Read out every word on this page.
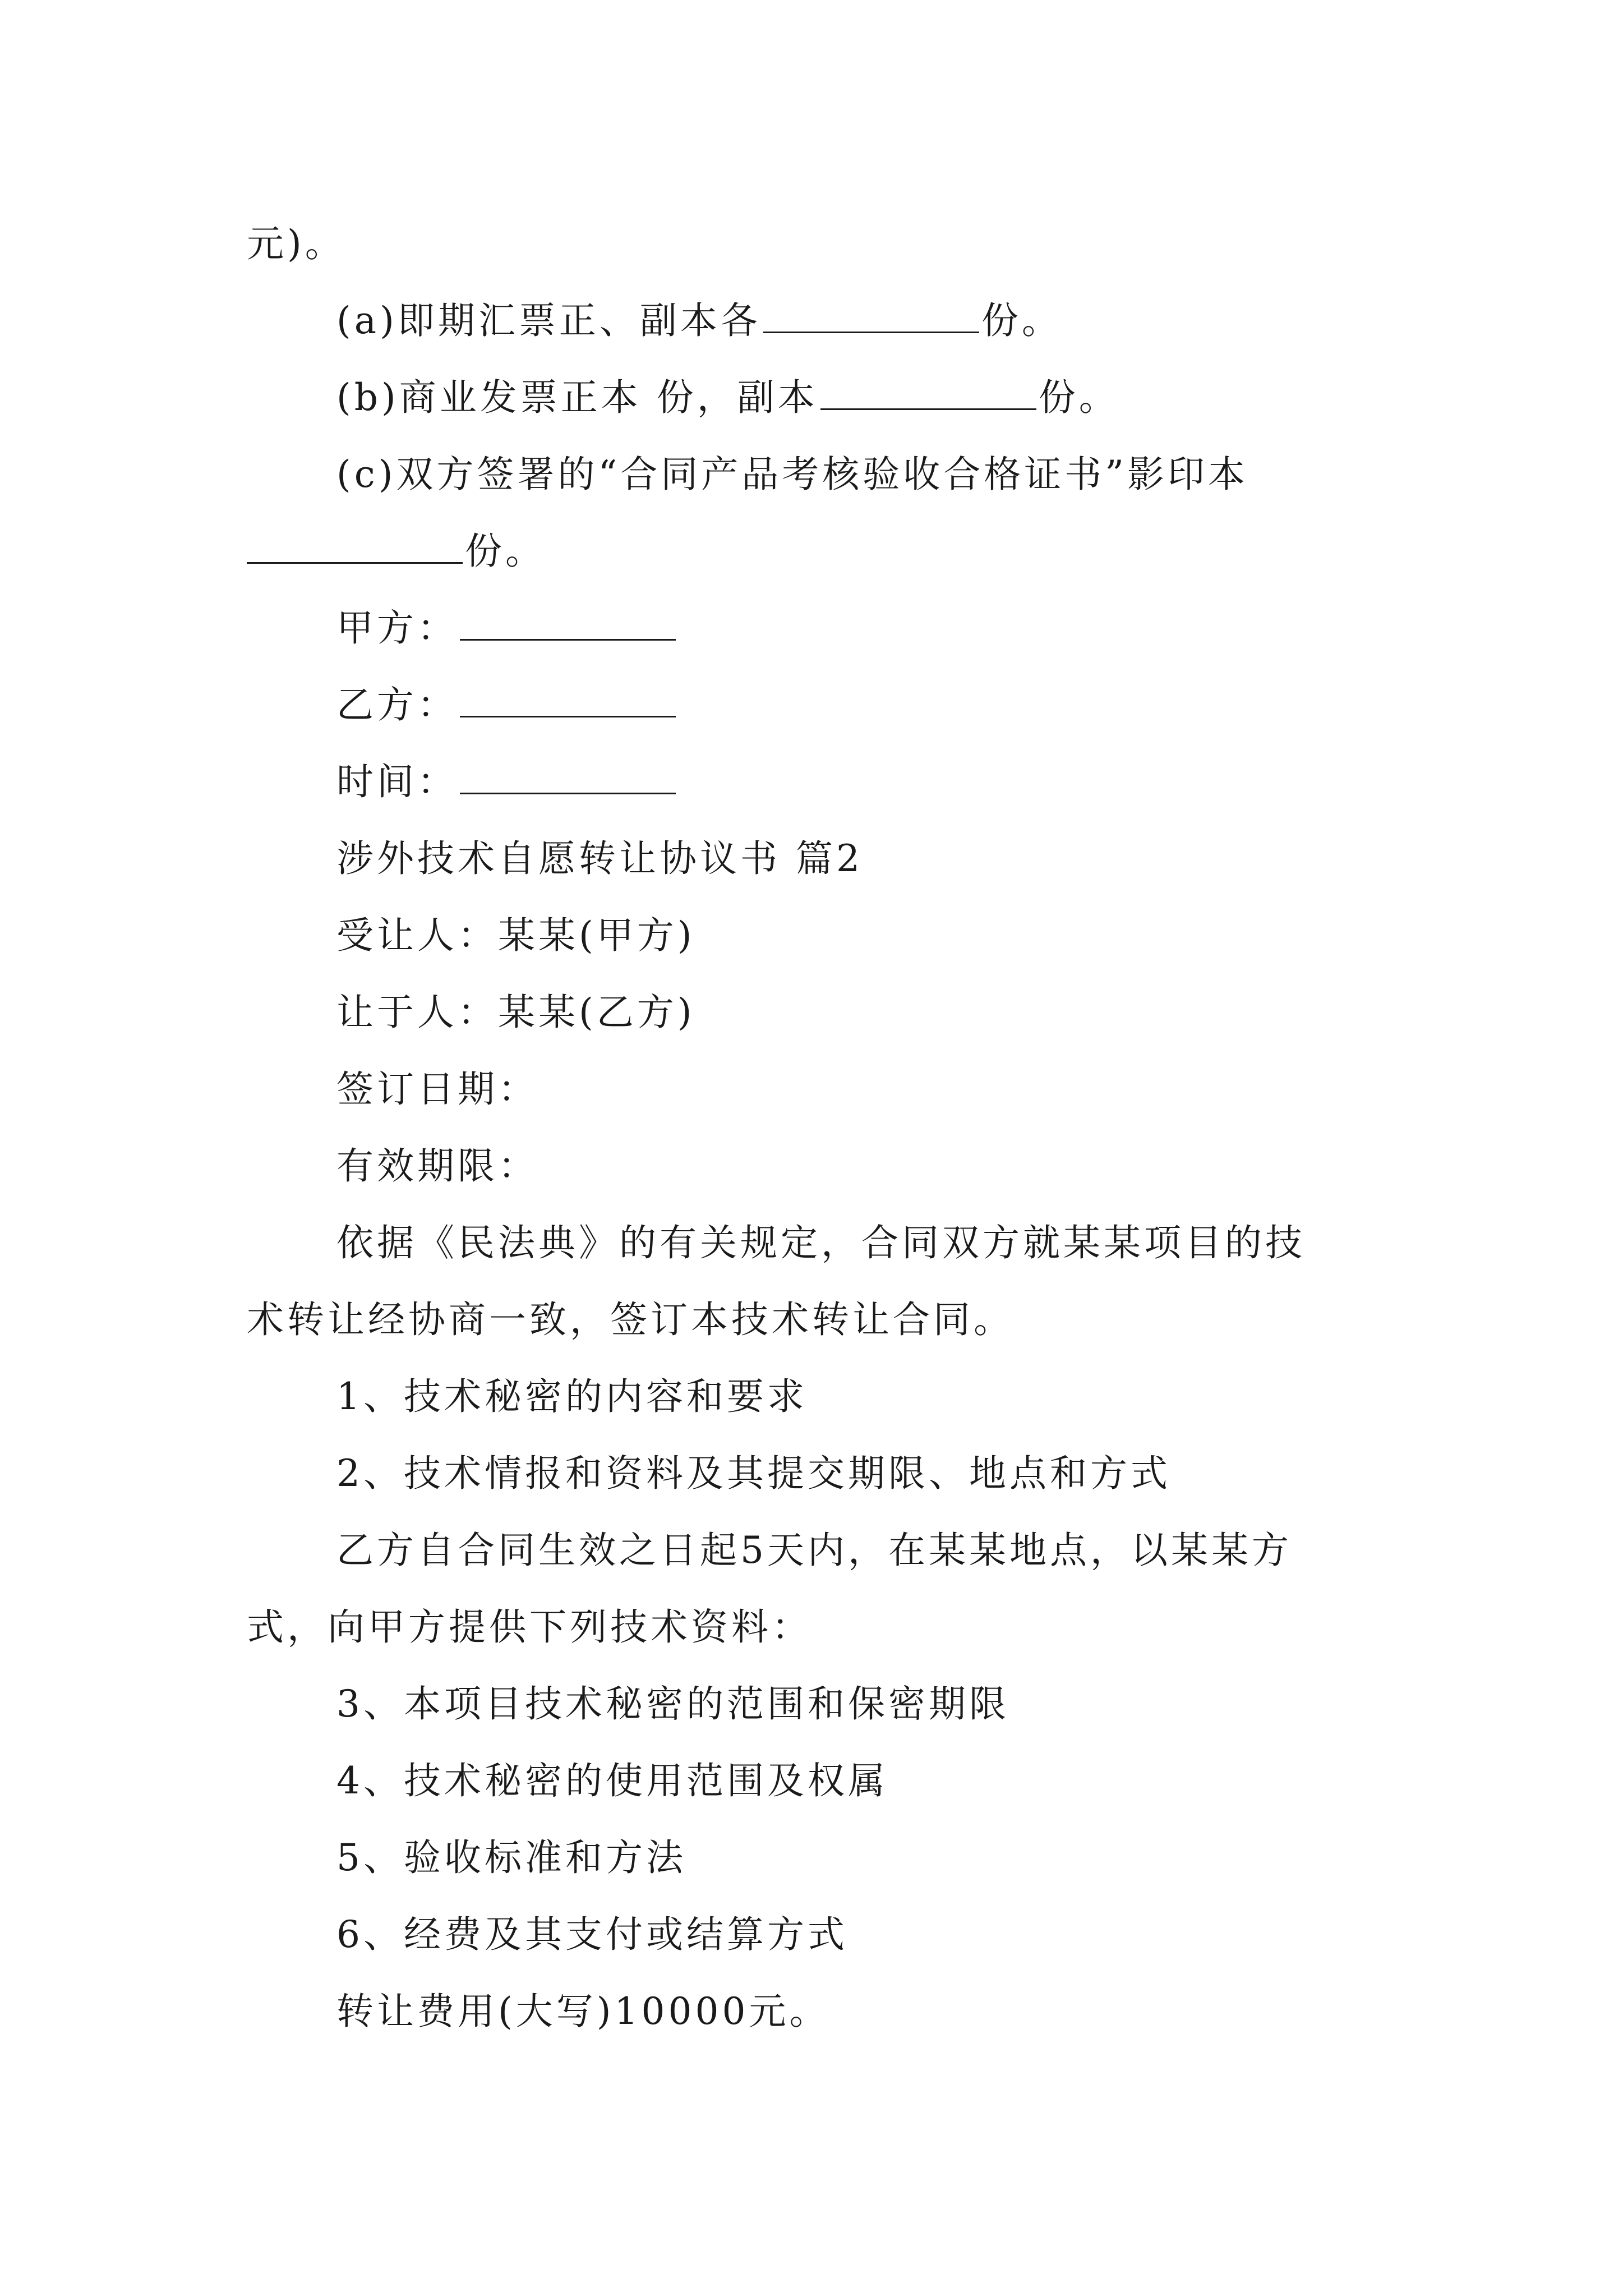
元)。
(a)即期汇票正、副本各	份。
(b)商业发票正本 份，副本	份。
(c)双方签署的“合同产品考核验收合格证书”影印本
份。
甲方：
乙方：
时间：
涉外技术自愿转让协议书 篇2
受让人：某某(甲方)
让于人：某某(乙方)
签订日期：
有效期限：
依据《民法典》的有关规定，合同双方就某某项目的技
术转让经协商一致，签订本技术转让合同。
1、技术秘密的内容和要求
2、技术情报和资料及其提交期限、地点和方式
乙方自合同生效之日起5天内，在某某地点，以某某方
式，向甲方提供下列技术资料：
3、本项目技术秘密的范围和保密期限
4、技术秘密的使用范围及权属
5、验收标准和方法
6、经费及其支付或结算方式
转让费用(大写)10000元。
